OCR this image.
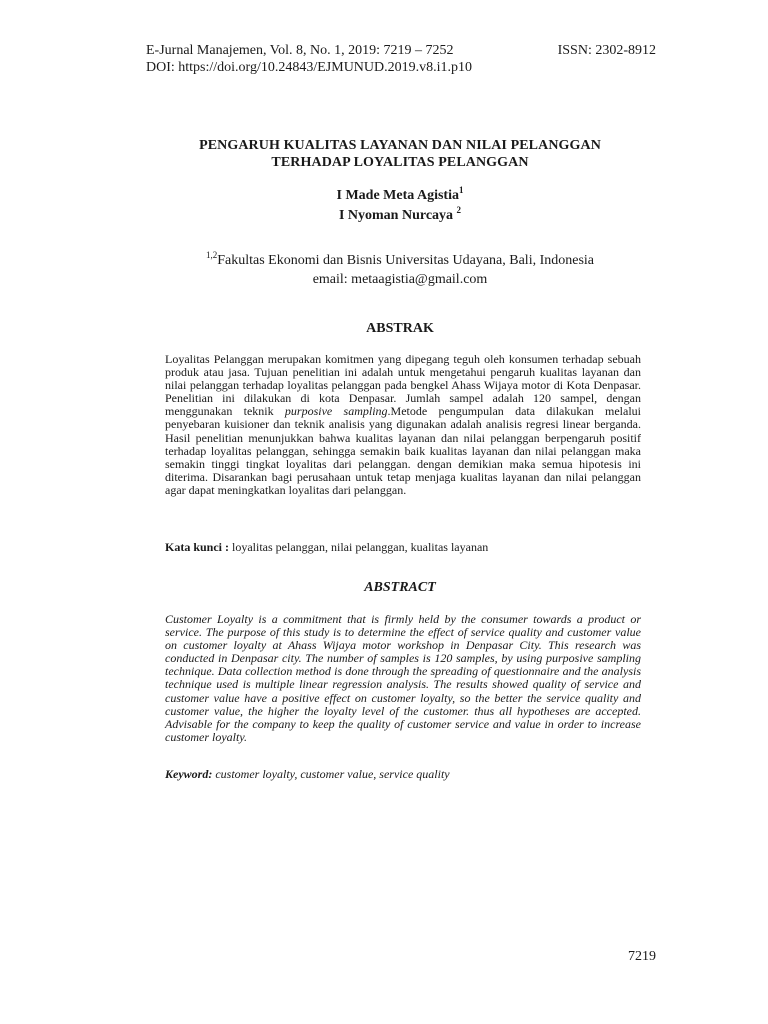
E-Jurnal Manajemen, Vol. 8, No. 1, 2019: 7219 – 7252
DOI: https://doi.org/10.24843/EJMUNUD.2019.v8.i1.p10
ISSN: 2302-8912
PENGARUH KUALITAS LAYANAN DAN NILAI PELANGGAN
TERHADAP LOYALITAS PELANGGAN
I Made Meta Agistia$^1$
I Nyoman Nurcaya $^2$
$^{1,2}$Fakultas Ekonomi dan Bisnis Universitas Udayana, Bali, Indonesia
email: metaagistia@gmail.com
ABSTRAK
Loyalitas Pelanggan merupakan komitmen yang dipegang teguh oleh konsumen terhadap sebuah produk atau jasa. Tujuan penelitian ini adalah untuk mengetahui pengaruh kualitas layanan dan nilai pelanggan terhadap loyalitas pelanggan pada bengkel Ahass Wijaya motor di Kota Denpasar. Penelitian ini dilakukan di kota Denpasar. Jumlah sampel adalah 120 sampel, dengan menggunakan teknik purposive sampling.Metode pengumpulan data dilakukan melalui penyebaran kuisioner dan teknik analisis yang digunakan adalah analisis regresi linear berganda. Hasil penelitian menunjukkan bahwa kualitas layanan dan nilai pelanggan berpengaruh positif terhadap loyalitas pelanggan, sehingga semakin baik kualitas layanan dan nilai pelanggan maka semakin tinggi tingkat loyalitas dari pelanggan. dengan demikian maka semua hipotesis ini diterima. Disarankan bagi perusahaan untuk tetap menjaga kualitas layanan dan nilai pelanggan agar dapat meningkatkan loyalitas dari pelanggan.
Kata kunci : loyalitas pelanggan, nilai pelanggan, kualitas layanan
ABSTRACT
Customer Loyalty is a commitment that is firmly held by the consumer towards a product or service. The purpose of this study is to determine the effect of service quality and customer value on customer loyalty at Ahass Wijaya motor workshop in Denpasar City. This research was conducted in Denpasar city. The number of samples is 120 samples, by using purposive sampling technique. Data collection method is done through the spreading of questionnaire and the analysis technique used is multiple linear regression analysis. The results showed quality of service and customer value have a positive effect on customer loyalty, so the better the service quality and customer value, the higher the loyalty level of the customer. thus all hypotheses are accepted. Advisable for the company to keep the quality of customer service and value in order to increase customer loyalty.
Keyword: customer loyalty, customer value, service quality
7219
